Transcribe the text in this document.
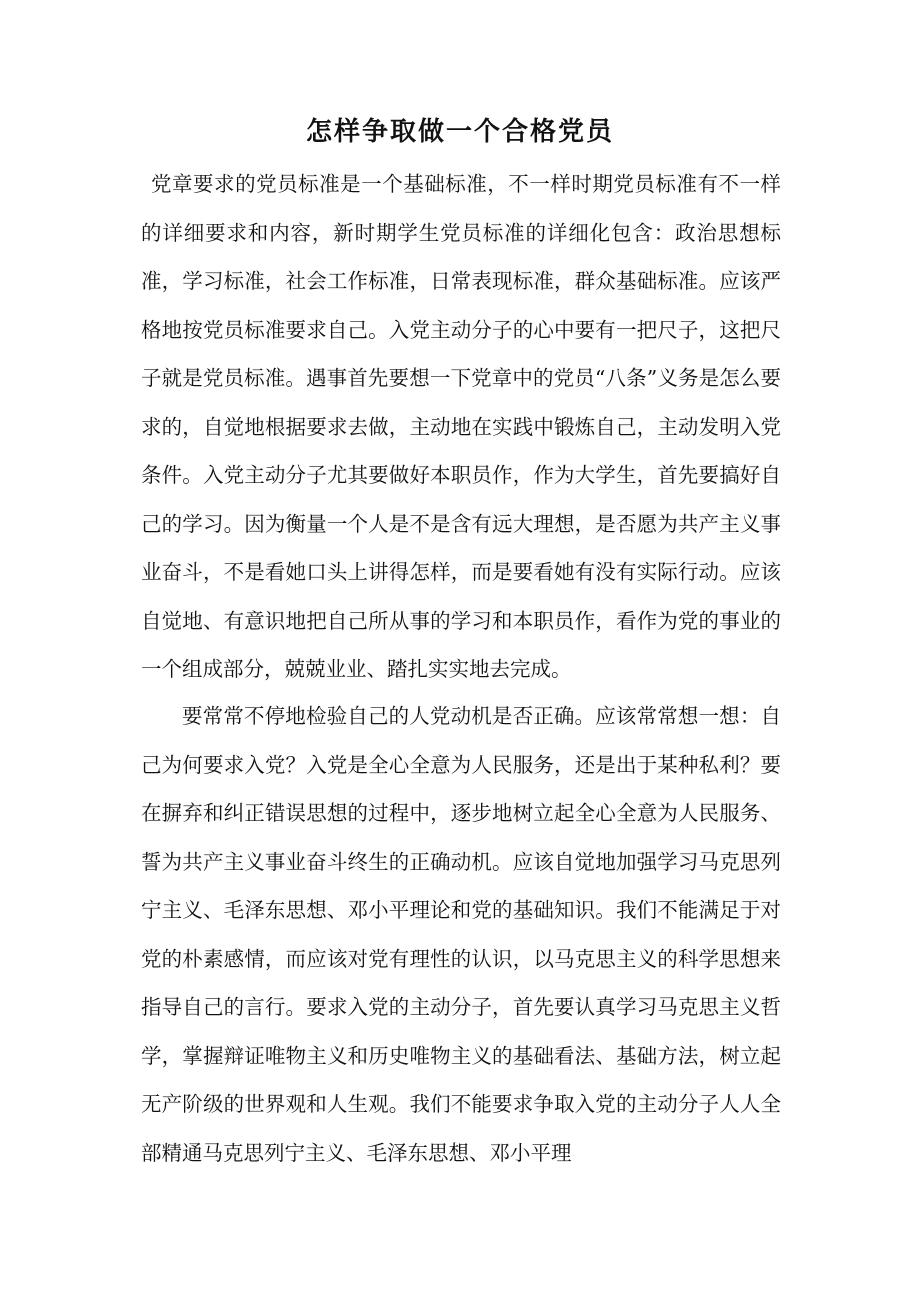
怎样争取做一个合格党员

党章要求的党员标准是一个基础标准，不一样时期党员标准有不一样的详细要求和内容，新时期学生党员标准的详细化包含：政治思想标准，学习标准，社会工作标准，日常表现标准，群众基础标准。应该严格地按党员标准要求自己。入党主动分子的心中要有一把尺子，这把尺子就是党员标准。遇事首先要想一下党章中的党员“八条”义务是怎么要求的，自觉地根据要求去做，主动地在实践中锻炼自己，主动发明入党条件。入党主动分子尤其要做好本职员作，作为大学生，首先要搞好自己的学习。因为衡量一个人是不是含有远大理想，是否愿为共产主义事业奋斗，不是看她口头上讲得怎样，而是要看她有没有实际行动。应该自觉地、有意识地把自己所从事的学习和本职员作，看作为党的事业的一个组成部分，兢兢业业、踏扎实实地去完成。

要常常不停地检验自己的人党动机是否正确。应该常常想一想：自己为何要求入党？入党是全心全意为人民服务，还是出于某种私利？要在摒弃和纠正错误思想的过程中，逐步地树立起全心全意为人民服务、誓为共产主义事业奋斗终生的正确动机。应该自觉地加强学习马克思列宁主义、毛泽东思想、邓小平理论和党的基础知识。我们不能满足于对党的朴素感情，而应该对党有理性的认识，以马克思主义的科学思想来指导自己的言行。要求入党的主动分子，首先要认真学习马克思主义哲学，掌握辩证唯物主义和历史唯物主义的基础看法、基础方法，树立起无产阶级的世界观和人生观。我们不能要求争取入党的主动分子人人全部精通马克思列宁主义、毛泽东思想、邓小平理
